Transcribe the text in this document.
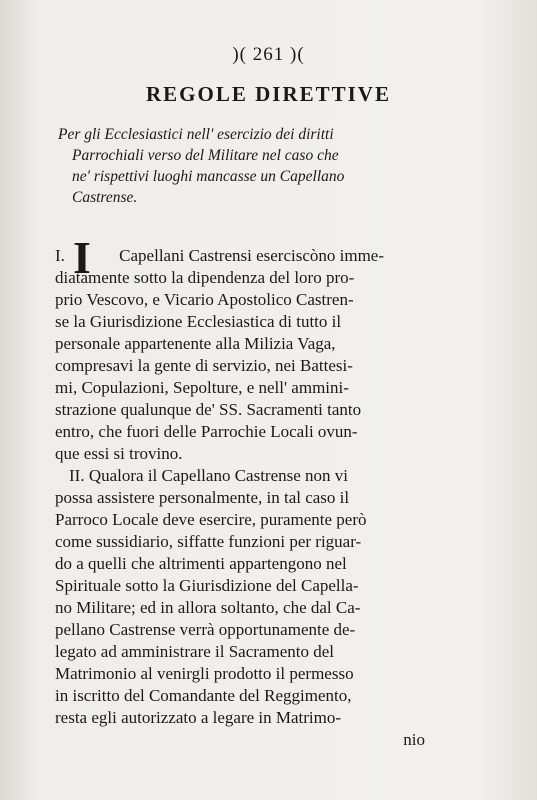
)( 261 )(
REGOLE DIRETTIVE
Per gli Ecclesiastici nell' esercizio dei diritti
Parrochiali verso del Militare nel caso che
ne' rispettivi luoghi mancasse un Capellano
Castrense.
I. I Capellani Castrensi eserciscòno imme-
diatamente sotto la dipendenza del loro pro-
prio Vescovo, e Vicario Apostolico Castren-
se la Giurisdizione Ecclesiastica di tutto il
personale appartenente alla Milizia Vaga,
compresavi la gente di servizio, nei Battesi-
mi, Copulazioni, Sepolture, e nell' ammini-
strazione qualunque de' SS. Sacramenti tanto
entro, che fuori delle Parrochie Locali ovun-
que essi si trovino.
II. Qualora il Capellano Castrense non vi
possa assistere personalmente, in tal caso il
Parroco Locale deve esercire, puramente però
come sussidiario, siffatte funzioni per riguar-
do a quelli che altrimenti appartengono nel
Spirituale sotto la Giurisdizione del Capella-
no Militare; ed in allora soltanto, che dal Ca-
pellano Castrense verrà opportunamente de-
legato ad amministrare il Sacramento del
Matrimonio al venirgli prodotto il permesso
in iscritto del Comandante del Reggimento,
resta egli autorizzato a legare in Matrimo-
nio
